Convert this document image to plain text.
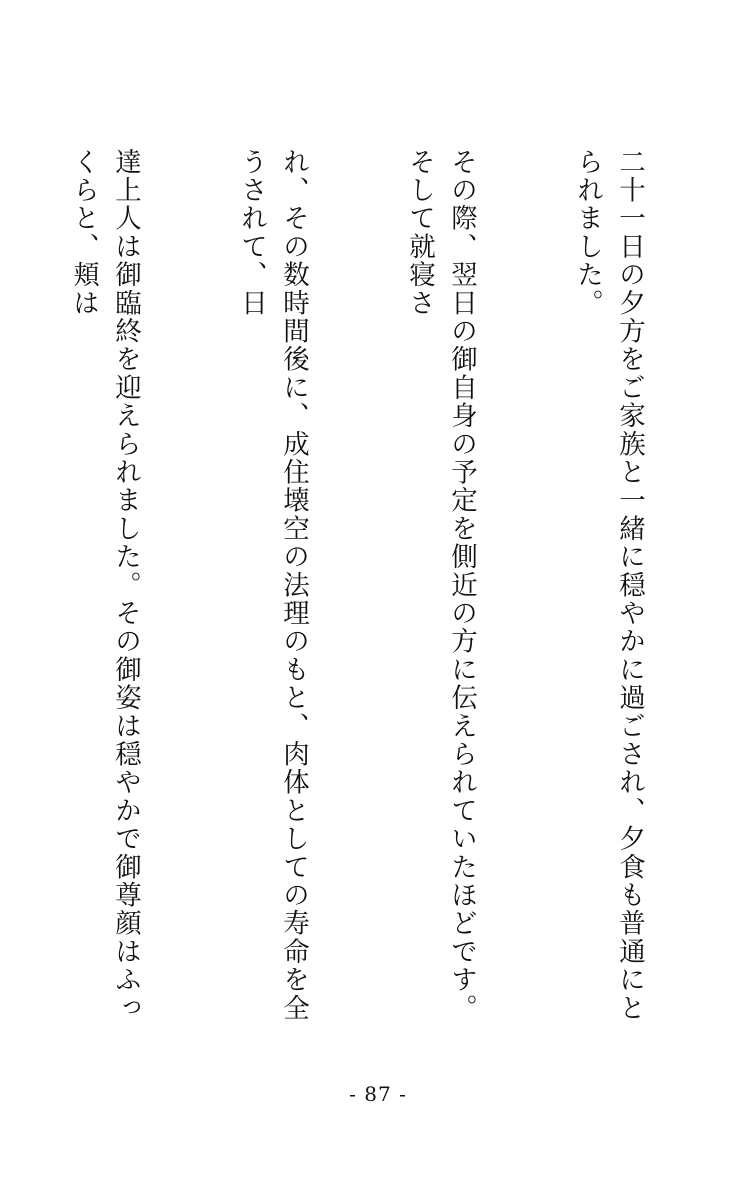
二十一日の夕方をご家族と一緒に穏やかに過ごされ、夕食も普通にとられました。

その際、翌日の御自身の予定を側近の方に伝えられていたほどです。そして就寝さ

れ、その数時間後に、成住壊空の法理のもと、肉体としての寿命を全うされて、日

達上人は御臨終を迎えられました。その御姿は穏やかで御尊顔はふっくらと、頬は

- 87 -
